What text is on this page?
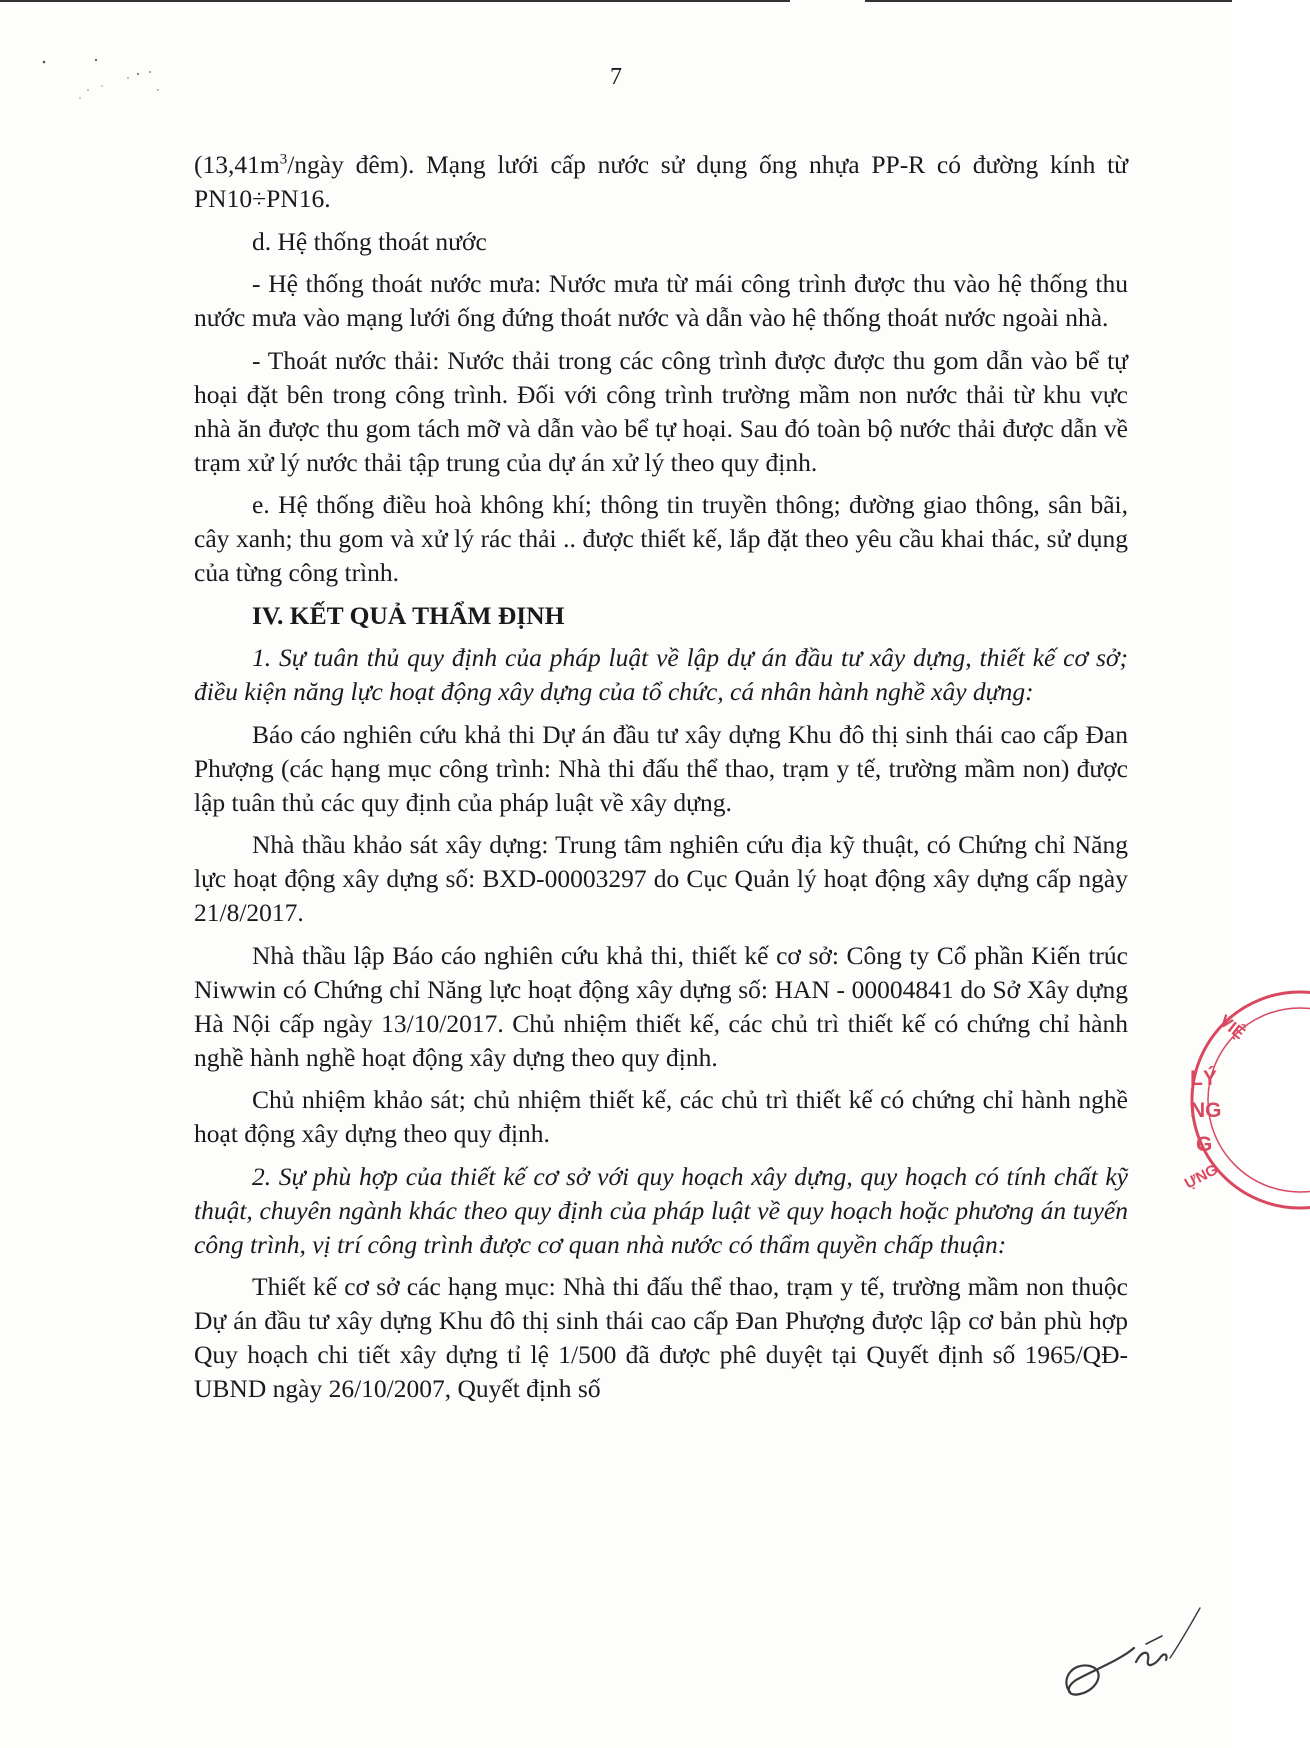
7

($13,41m^3$/ngày đêm). Mạng lưới cấp nước sử dụng ống nhựa PP-R có đường kính từ PN10÷PN16.

d. Hệ thống thoát nước

- Hệ thống thoát nước mưa: Nước mưa từ mái công trình được thu vào hệ thống thu nước mưa vào mạng lưới ống đứng thoát nước và dẫn vào hệ thống thoát nước ngoài nhà.

- Thoát nước thải: Nước thải trong các công trình được được thu gom dẫn vào bể tự hoại đặt bên trong công trình. Đối với công trình trường mầm non nước thải từ khu vực nhà ăn được thu gom tách mỡ và dẫn vào bể tự hoại. Sau đó toàn bộ nước thải được dẫn về trạm xử lý nước thải tập trung của dự án xử lý theo quy định.

e. Hệ thống điều hoà không khí; thông tin truyền thông; đường giao thông, sân bãi, cây xanh; thu gom và xử lý rác thải .. được thiết kế, lắp đặt theo yêu cầu khai thác, sử dụng của từng công trình.

IV. KẾT QUẢ THẨM ĐỊNH

1. Sự tuân thủ quy định của pháp luật về lập dự án đầu tư xây dựng, thiết kế cơ sở; điều kiện năng lực hoạt động xây dựng của tổ chức, cá nhân hành nghề xây dựng:

Báo cáo nghiên cứu khả thi Dự án đầu tư xây dựng Khu đô thị sinh thái cao cấp Đan Phượng (các hạng mục công trình: Nhà thi đấu thể thao, trạm y tế, trường mầm non) được lập tuân thủ các quy định của pháp luật về xây dựng.

Nhà thầu khảo sát xây dựng: Trung tâm nghiên cứu địa kỹ thuật, có Chứng chỉ Năng lực hoạt động xây dựng số: BXD-00003297 do Cục Quản lý hoạt động xây dựng cấp ngày 21/8/2017.

Nhà thầu lập Báo cáo nghiên cứu khả thi, thiết kế cơ sở: Công ty Cổ phần Kiến trúc Niwwin có Chứng chỉ Năng lực hoạt động xây dựng số: HAN - 00004841 do Sở Xây dựng Hà Nội cấp ngày 13/10/2017. Chủ nhiệm thiết kế, các chủ trì thiết kế có chứng chỉ hành nghề hành nghề hoạt động xây dựng theo quy định.

Chủ nhiệm khảo sát; chủ nhiệm thiết kế, các chủ trì thiết kế có chứng chỉ hành nghề hoạt động xây dựng theo quy định.

2. Sự phù hợp của thiết kế cơ sở với quy hoạch xây dựng, quy hoạch có tính chất kỹ thuật, chuyên ngành khác theo quy định của pháp luật về quy hoạch hoặc phương án tuyến công trình, vị trí công trình được cơ quan nhà nước có thẩm quyền chấp thuận:

Thiết kế cơ sở các hạng mục: Nhà thi đấu thể thao, trạm y tế, trường mầm non thuộc Dự án đầu tư xây dựng Khu đô thị sinh thái cao cấp Đan Phượng được lập cơ bản phù hợp Quy hoạch chi tiết xây dựng tỉ lệ 1/500 đã được phê duyệt tại Quyết định số 1965/QĐ-UBND ngày 26/10/2007, Quyết định số

VIỆ
LÝ
NG
G
ỰNG
